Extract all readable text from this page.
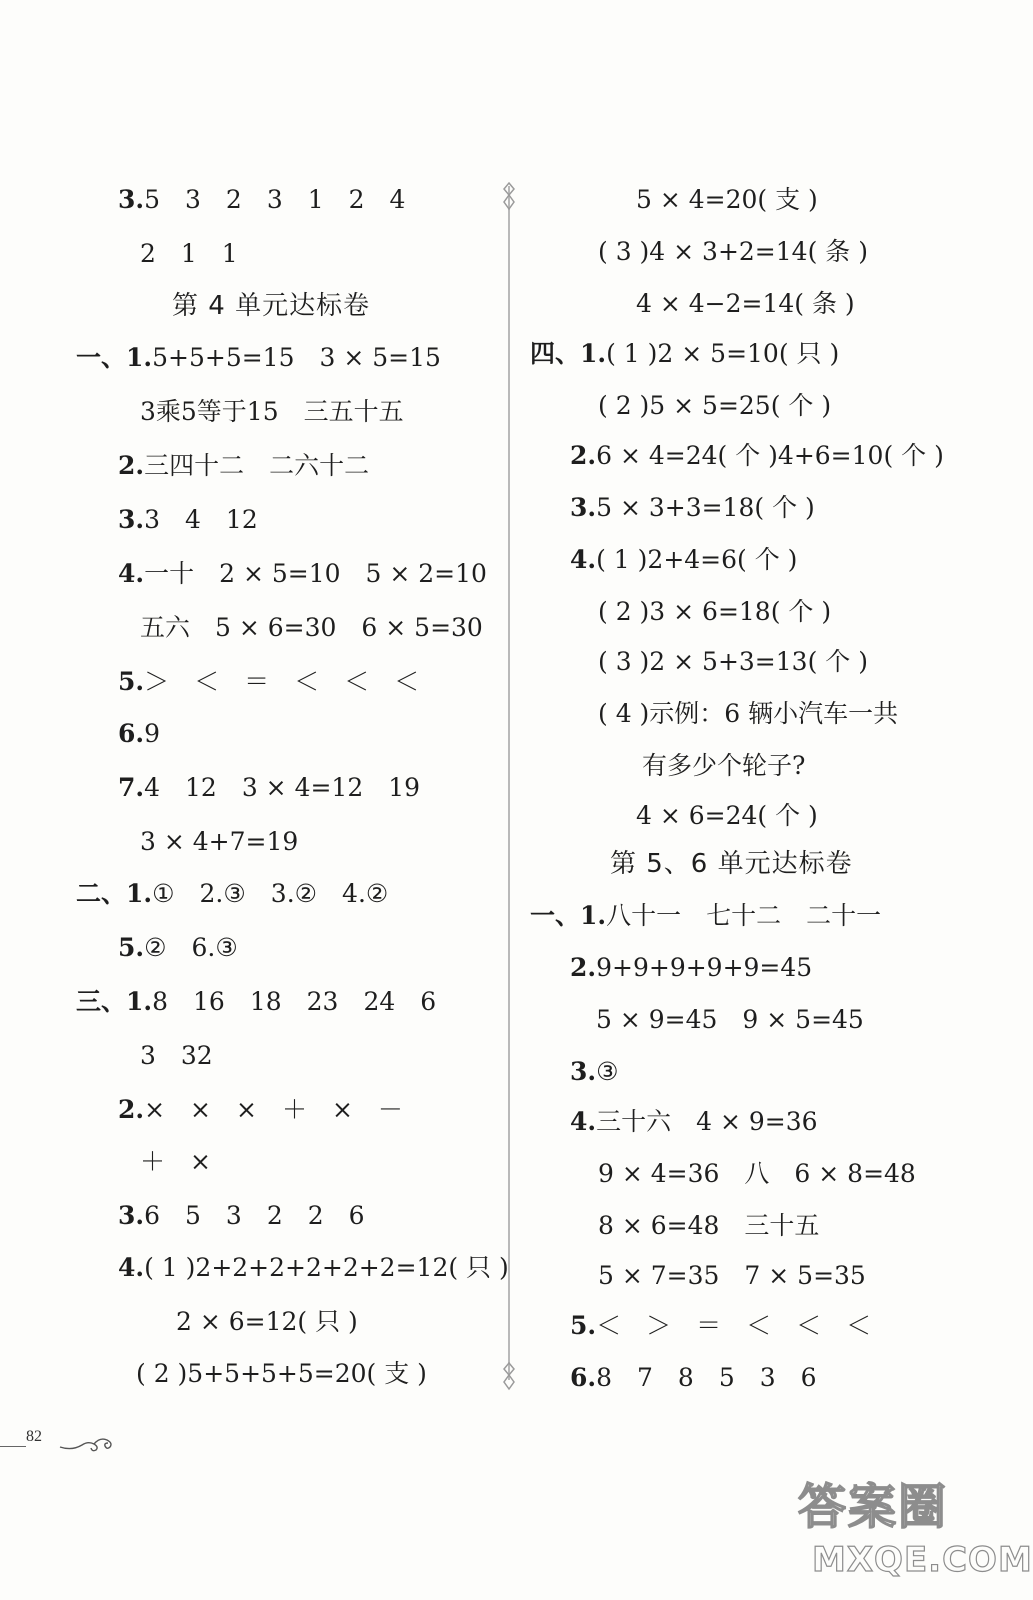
3.5　3　2　3　1　2　4
2　1　1
第 4 单元达标卷
一、1.5+5+5=15　3 × 5=15
3乘5等于15　三五十五
2.三四十二　二六十二
3.3　4　12
4.一十　2 × 5=10　5 × 2=10
五六　5 × 6=30　6 × 5=30
5.＞　＜　＝　＜　＜　＜
6.9
7.4　12　3 × 4=12　19
3 × 4+7=19
二、1.①　2.③　3.②　4.②
5.②　6.③
三、1.8　16　18　23　24　6
3　32
2.×　×　×　＋　×　－
＋　×
3.6　5　3　2　2　6
4.( 1 )2+2+2+2+2+2=12( 只 )
2 × 6=12( 只 )
( 2 )5+5+5+5=20( 支 )
5 × 4=20( 支 )
( 3 )4 × 3+2=14( 条 )
4 × 4−2=14( 条 )
四、1.( 1 )2 × 5=10( 只 )
( 2 )5 × 5=25( 个 )
2.6 × 4=24( 个 )4+6=10( 个 )
3.5 × 3+3=18( 个 )
4.( 1 )2+4=6( 个 )
( 2 )3 × 6=18( 个 )
( 3 )2 × 5+3=13( 个 )
( 4 )示例：6 辆小汽车一共
有多少个轮子?
4 × 6=24( 个 )
第 5、6 单元达标卷
一、1.八十一　七十二　二十一
2.9+9+9+9+9=45
5 × 9=45　9 × 5=45
3.③
4.三十六　4 × 9=36
9 × 4=36　八　6 × 8=48
8 × 6=48　三十五
5 × 7=35　7 × 5=35
5.＜　＞　＝　＜　＜　＜
6.8　7　8　5　3　6
82
答案圈
MXQE.COM
